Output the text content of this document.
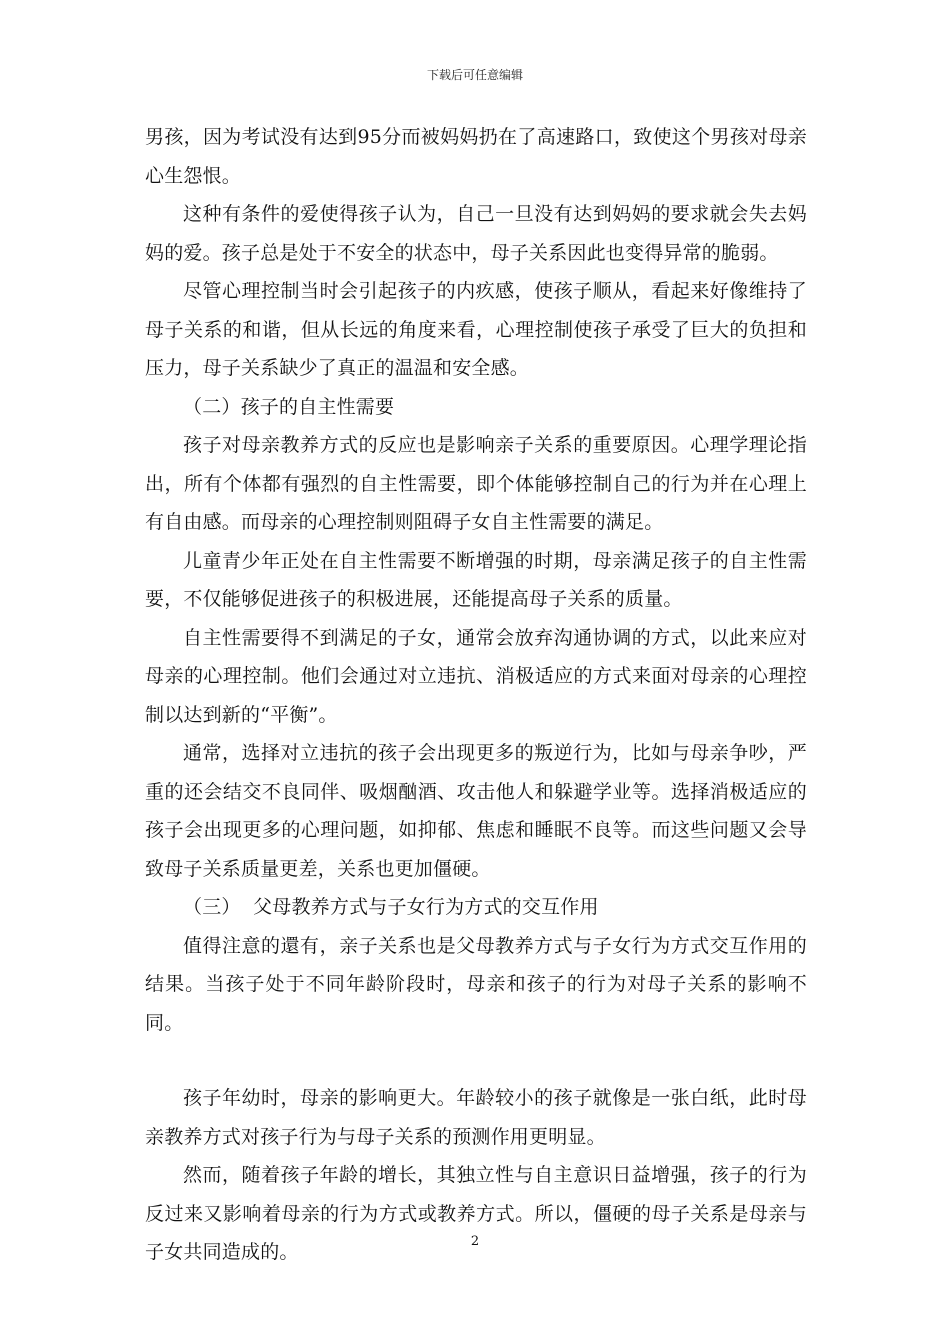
下载后可任意编辑

男孩，因为考试没有达到95分而被妈妈扔在了高速路口，致使这个男孩对母亲心生怨恨。

这种有条件的爱使得孩子认为，自己一旦没有达到妈妈的要求就会失去妈妈的爱。孩子总是处于不安全的状态中，母子关系因此也变得异常的脆弱。

尽管心理控制当时会引起孩子的内疚感，使孩子顺从，看起来好像维持了母子关系的和谐，但从长远的角度来看，心理控制使孩子承受了巨大的负担和压力，母子关系缺少了真正的温温和安全感。

（二）孩子的自主性需要

孩子对母亲教养方式的反应也是影响亲子关系的重要原因。心理学理论指出，所有个体都有强烈的自主性需要，即个体能够控制自己的行为并在心理上有自由感。而母亲的心理控制则阻碍子女自主性需要的满足。

儿童青少年正处在自主性需要不断增强的时期，母亲满足孩子的自主性需要，不仅能够促进孩子的积极进展，还能提高母子关系的质量。

自主性需要得不到满足的子女，通常会放弃沟通协调的方式，以此来应对母亲的心理控制。他们会通过对立违抗、消极适应的方式来面对母亲的心理控制以达到新的“平衡”。

通常，选择对立违抗的孩子会出现更多的叛逆行为，比如与母亲争吵，严重的还会结交不良同伴、吸烟酗酒、攻击他人和躲避学业等。选择消极适应的孩子会出现更多的心理问题，如抑郁、焦虑和睡眠不良等。而这些问题又会导致母子关系质量更差，关系也更加僵硬。

（三）  父母教养方式与子女行为方式的交互作用

值得注意的還有，亲子关系也是父母教养方式与子女行为方式交互作用的结果。当孩子处于不同年龄阶段时，母亲和孩子的行为对母子关系的影响不同。

孩子年幼时，母亲的影响更大。年龄较小的孩子就像是一张白纸，此时母亲教养方式对孩子行为与母子关系的预测作用更明显。

然而，随着孩子年龄的增长，其独立性与自主意识日益增强，孩子的行为反过来又影响着母亲的行为方式或教养方式。所以，僵硬的母子关系是母亲与子女共同造成的。	2
